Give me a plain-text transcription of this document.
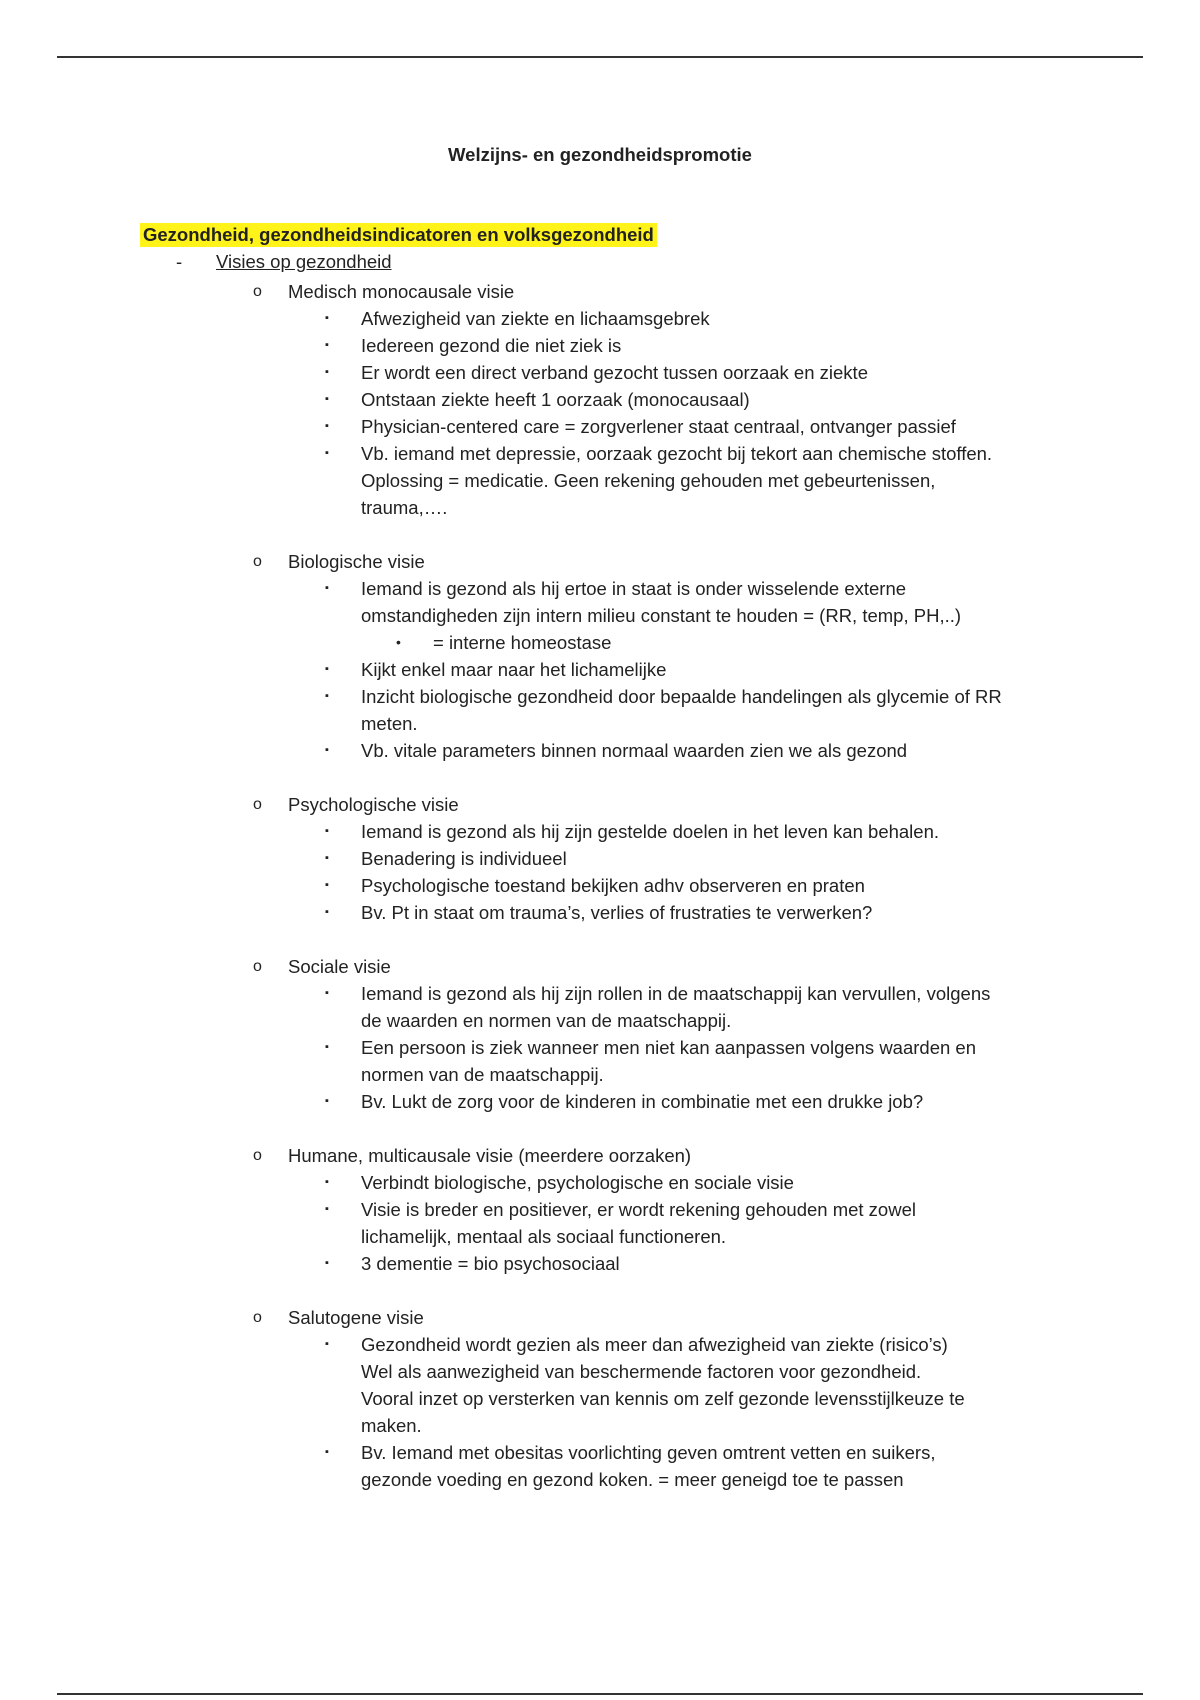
Welzijns- en gezondheidspromotie
Gezondheid, gezondheidsindicatoren en volksgezondheid
- Visies op gezondheid
o Medisch monocausale visie
▪ Afwezigheid van ziekte en lichaamsgebrek
▪ Iedereen gezond die niet ziek is
▪ Er wordt een direct verband gezocht tussen oorzaak en ziekte
▪ Ontstaan ziekte heeft 1 oorzaak (monocausaal)
▪ Physician-centered care = zorgverlener staat centraal, ontvanger passief
▪ Vb. iemand met depressie, oorzaak gezocht bij tekort aan chemische stoffen.
Oplossing = medicatie. Geen rekening gehouden met gebeurtenissen,
trauma,….
o Biologische visie
▪ Iemand is gezond als hij ertoe in staat is onder wisselende externe
omstandigheden zijn intern milieu constant te houden = (RR, temp, PH,..)
• = interne homeostase
▪ Kijkt enkel maar naar het lichamelijke
▪ Inzicht biologische gezondheid door bepaalde handelingen als glycemie of RR
meten.
▪ Vb. vitale parameters binnen normaal waarden zien we als gezond
o Psychologische visie
▪ Iemand is gezond als hij zijn gestelde doelen in het leven kan behalen.
▪ Benadering is individueel
▪ Psychologische toestand bekijken adhv observeren en praten
▪ Bv. Pt in staat om trauma’s, verlies of frustraties te verwerken?
o Sociale visie
▪ Iemand is gezond als hij zijn rollen in de maatschappij kan vervullen, volgens
de waarden en normen van de maatschappij.
▪ Een persoon is ziek wanneer men niet kan aanpassen volgens waarden en
normen van de maatschappij.
▪ Bv. Lukt de zorg voor de kinderen in combinatie met een drukke job?
o Humane, multicausale visie (meerdere oorzaken)
▪ Verbindt biologische, psychologische en sociale visie
▪ Visie is breder en positiever, er wordt rekening gehouden met zowel
lichamelijk, mentaal als sociaal functioneren.
▪ 3 dementie = bio psychosociaal
o Salutogene visie
▪ Gezondheid wordt gezien als meer dan afwezigheid van ziekte (risico’s)
Wel als aanwezigheid van beschermende factoren voor gezondheid.
Vooral inzet op versterken van kennis om zelf gezonde levensstijlkeuze te
maken.
▪ Bv. Iemand met obesitas voorlichting geven omtrent vetten en suikers,
gezonde voeding en gezond koken. = meer geneigd toe te passen
